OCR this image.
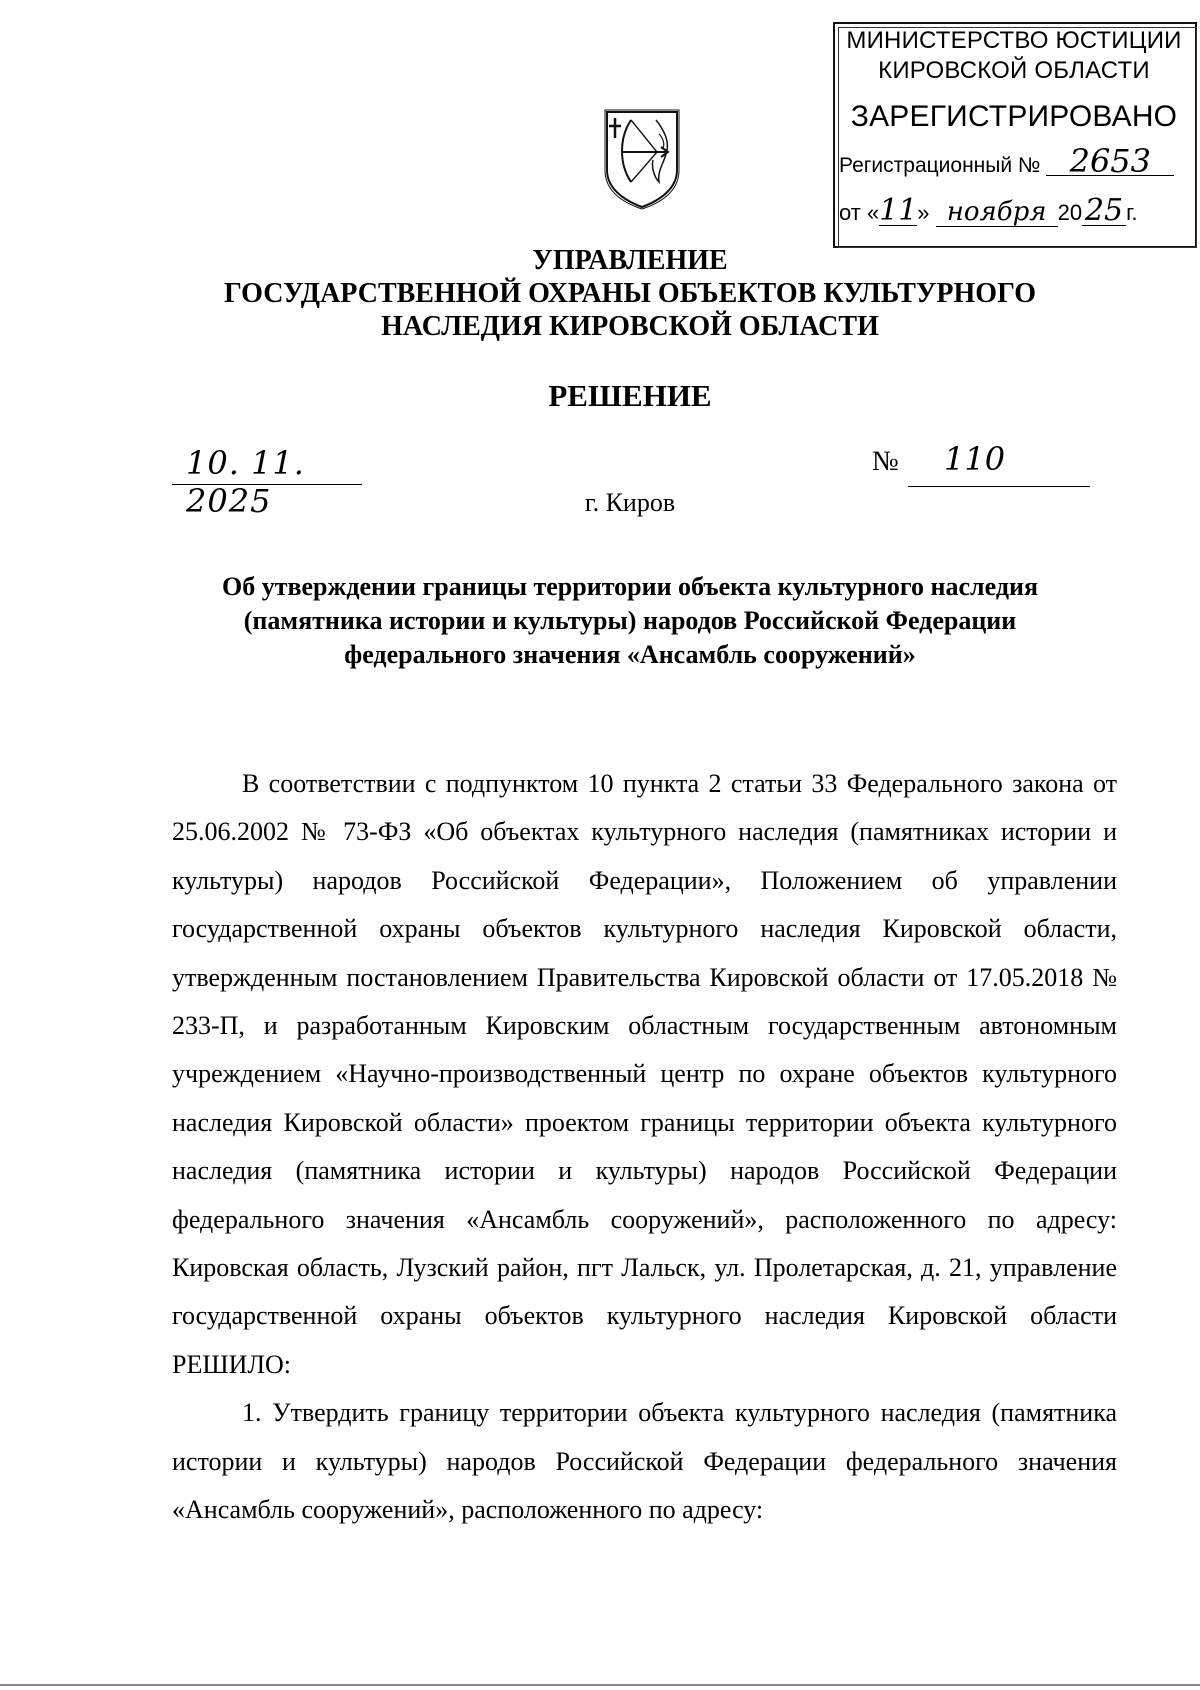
МИНИСТЕРСТВО ЮСТИЦИИ
КИРОВСКОЙ ОБЛАСТИ
ЗАРЕГИСТРИРОВАНО
Регистрационный № 2653
от «11» ноября 2025 г.
УПРАВЛЕНИЕ
ГОСУДАРСТВЕННОЙ ОХРАНЫ ОБЪЕКТОВ КУЛЬТУРНОГО
НАСЛЕДИЯ КИРОВСКОЙ ОБЛАСТИ
РЕШЕНИЕ
10. 11. 2025
№ 110
г. Киров
Об утверждении границы территории объекта культурного наследия
(памятника истории и культуры) народов Российской Федерации
федерального значения «Ансамбль сооружений»

В соответствии с подпунктом 10 пункта 2 статьи 33 Федерального закона от 25.06.2002 № 73-ФЗ «Об объектах культурного наследия (памятниках истории и культуры) народов Российской Федерации», Положением об управлении государственной охраны объектов культурного наследия Кировской области, утвержденным постановлением Правительства Кировской области от 17.05.2018 № 233-П, и разработанным Кировским областным государственным автономным учреждением «Научно-производственный центр по охране объектов культурного наследия Кировской области» проектом границы территории объекта культурного наследия (памятника истории и культуры) народов Российской Федерации федерального значения «Ансамбль сооружений», расположенного по адресу: Кировская область, Лузский район, пгт Лальск, ул. Пролетарская, д. 21, управление государственной охраны объектов культурного наследия Кировской области РЕШИЛО:

1. Утвердить границу территории объекта культурного наследия (памятника истории и культуры) народов Российской Федерации федерального значения «Ансамбль сооружений», расположенного по адресу:
